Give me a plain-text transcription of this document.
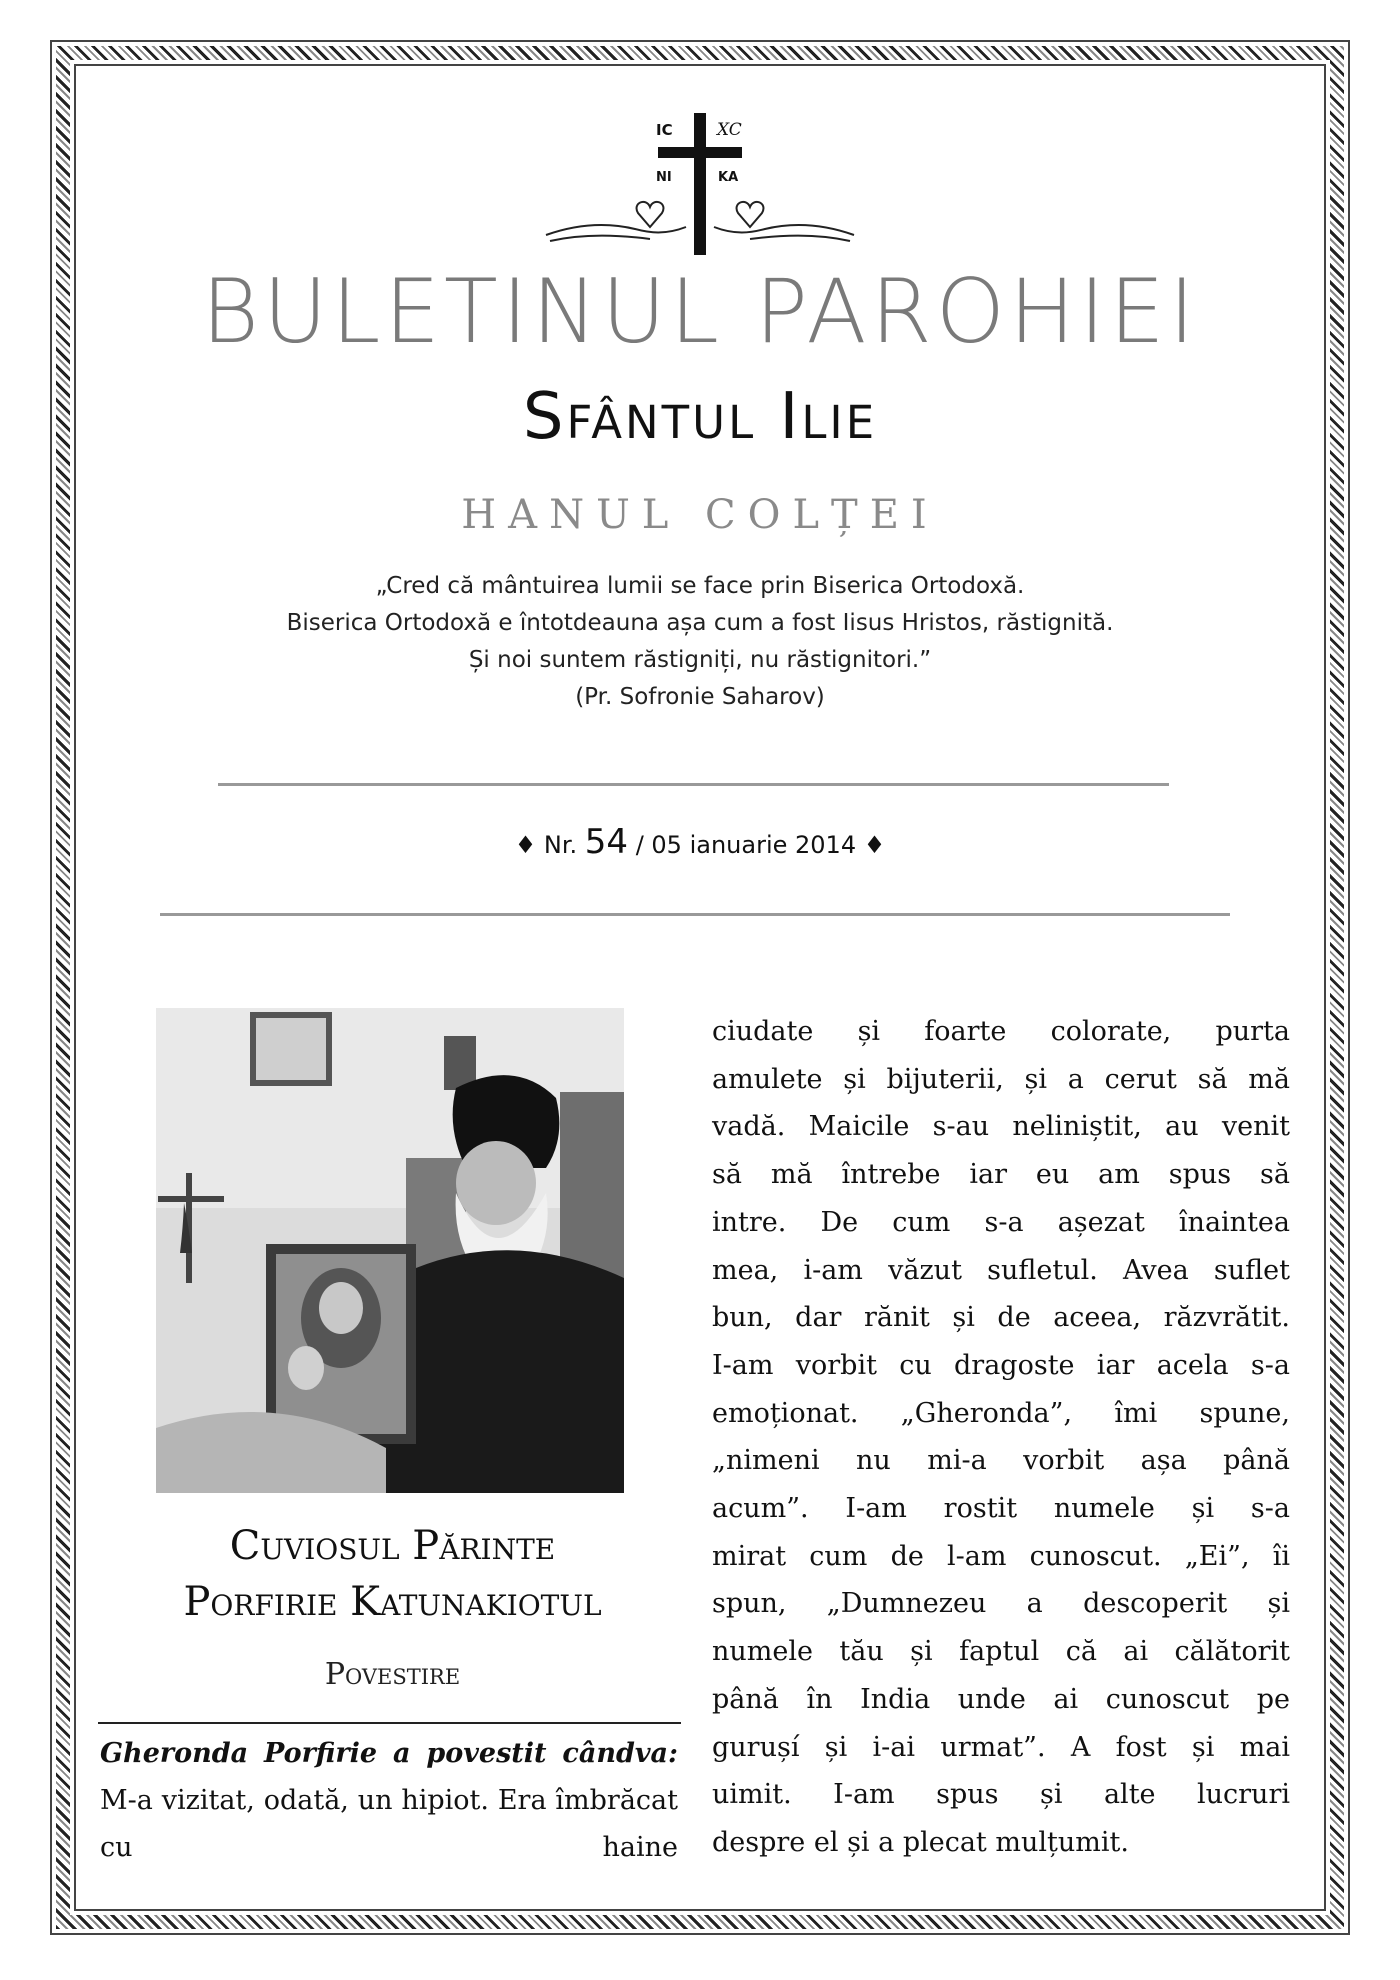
IC	XC
NI	KA
BULETINUL PAROHIEI
Sfântul Ilie
HANUL COLȚEI
„Cred că mântuirea lumii se face prin Biserica Ortodoxă.
Biserica Ortodoxă e întotdeauna așa cum a fost Iisus Hristos, răstignită.
Și noi suntem răstigniți, nu răstignitori.”
(Pr. Sofronie Saharov)
♦ Nr. 54 / 05 ianuarie 2014 ♦
Cuviosul Părinte
Porfirie Katunakiotul
Povestire
Gheronda Porfirie a povestit cândva: M-a vizitat, odată, un hipiot. Era îmbrăcat cu haine
ciudate și foarte colorate, purta
amulete și bijuterii, și a cerut să mă
vadă. Maicile s-au neliniștit, au venit
să mă întrebe iar eu am spus să
intre. De cum s-a așezat înaintea
mea, i-am văzut sufletul. Avea suflet
bun, dar rănit și de aceea, răzvrătit.
I-am vorbit cu dragoste iar acela s-a
emoționat. „Gheronda”, îmi spune,
„nimeni nu mi-a vorbit așa până
acum”. I-am rostit numele și s-a
mirat cum de l-am cunoscut. „Ei”, îi
spun, „Dumnezeu a descoperit și
numele tău și faptul că ai călătorit
până în India unde ai cunoscut pe
gurușí și i-ai urmat”. A fost și mai
uimit. I-am spus și alte lucruri
despre el și a plecat mulțumit.
